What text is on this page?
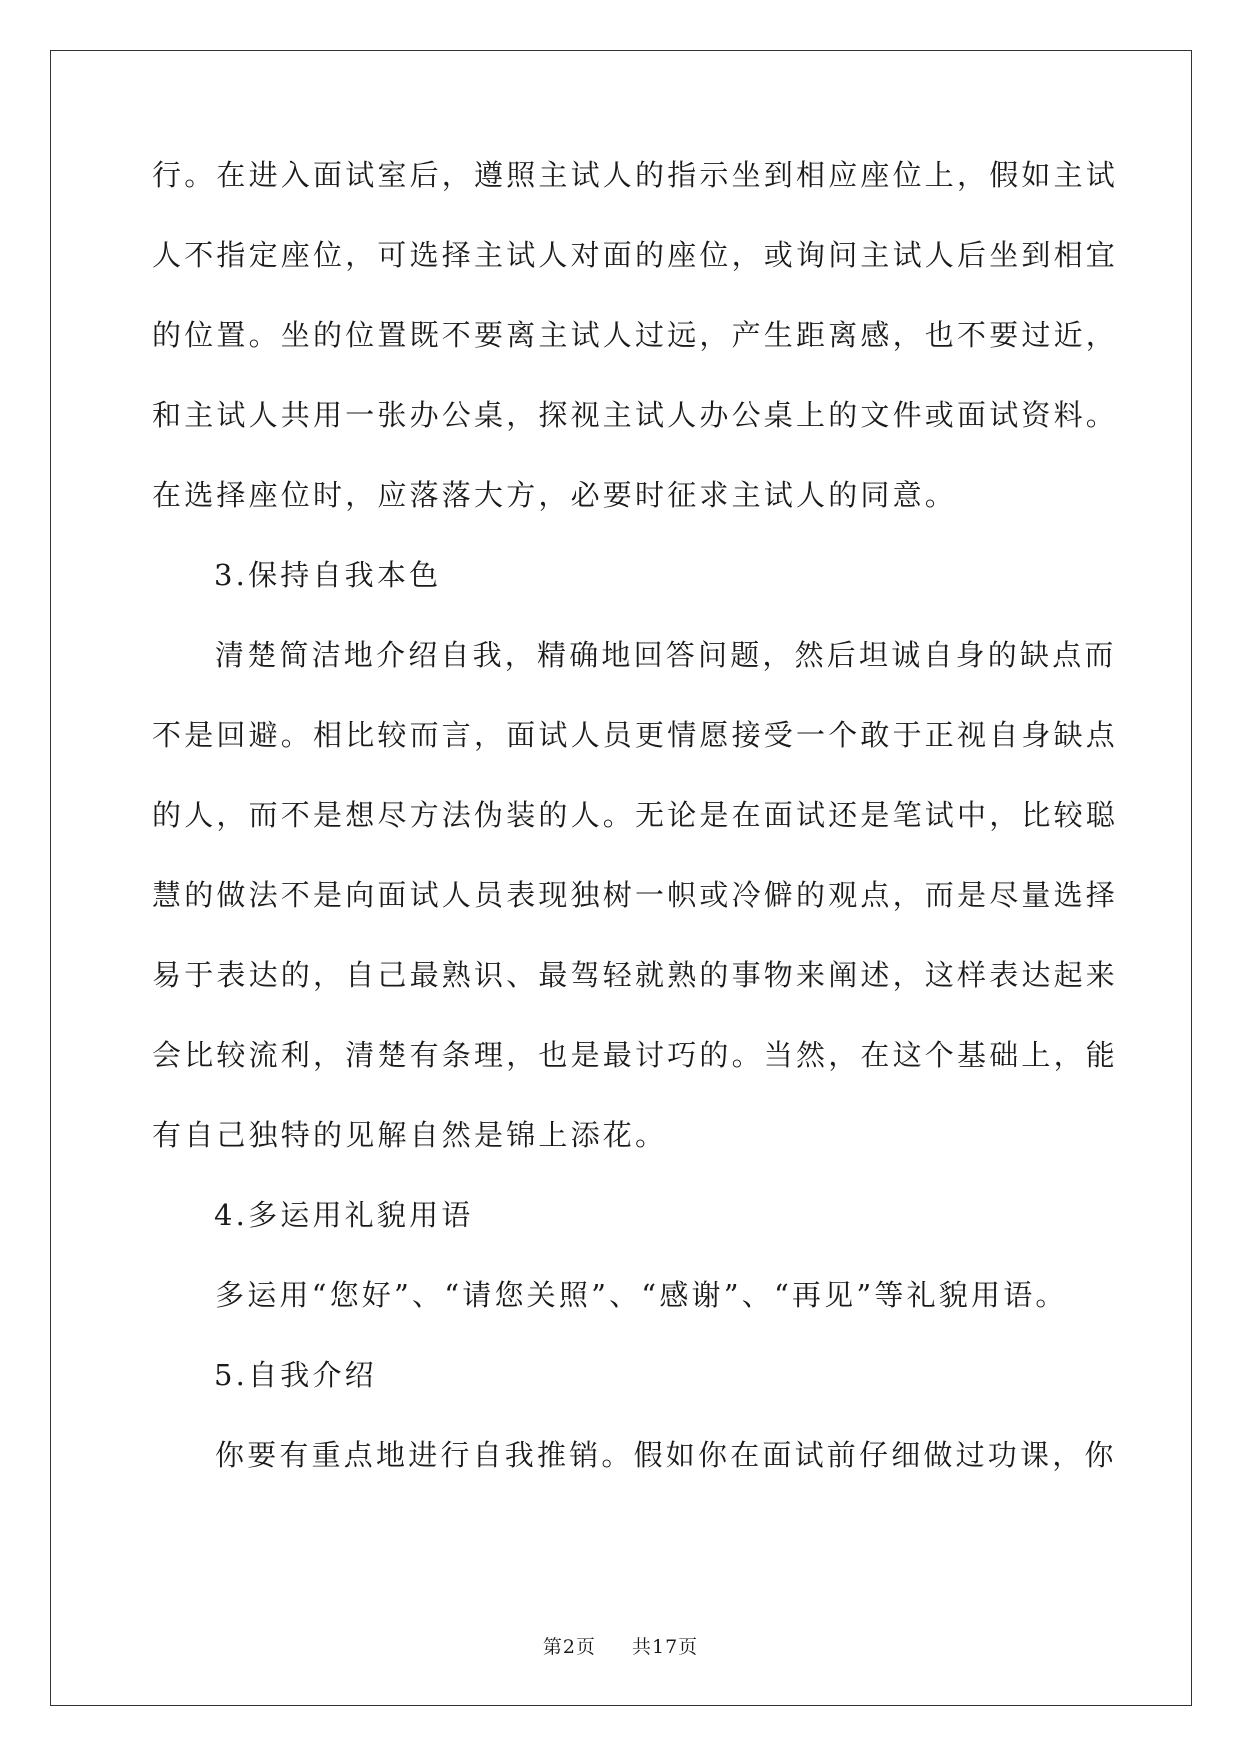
行。在进入面试室后，遵照主试人的指示坐到相应座位上，假如主试
人不指定座位，可选择主试人对面的座位，或询问主试人后坐到相宜
的位置。坐的位置既不要离主试人过远，产生距离感，也不要过近，
和主试人共用一张办公桌，探视主试人办公桌上的文件或面试资料。
在选择座位时，应落落大方，必要时征求主试人的同意。
3.保持自我本色
清楚简洁地介绍自我，精确地回答问题，然后坦诚自身的缺点而
不是回避。相比较而言，面试人员更情愿接受一个敢于正视自身缺点
的人，而不是想尽方法伪装的人。无论是在面试还是笔试中，比较聪
慧的做法不是向面试人员表现独树一帜或冷僻的观点，而是尽量选择
易于表达的，自己最熟识、最驾轻就熟的事物来阐述，这样表达起来
会比较流利，清楚有条理，也是最讨巧的。当然，在这个基础上，能
有自己独特的见解自然是锦上添花。
4.多运用礼貌用语
多运用“您好”、“请您关照”、“感谢”、“再见”等礼貌用语。
5.自我介绍
你要有重点地进行自我推销。假如你在面试前仔细做过功课，你
第2页 共17页
